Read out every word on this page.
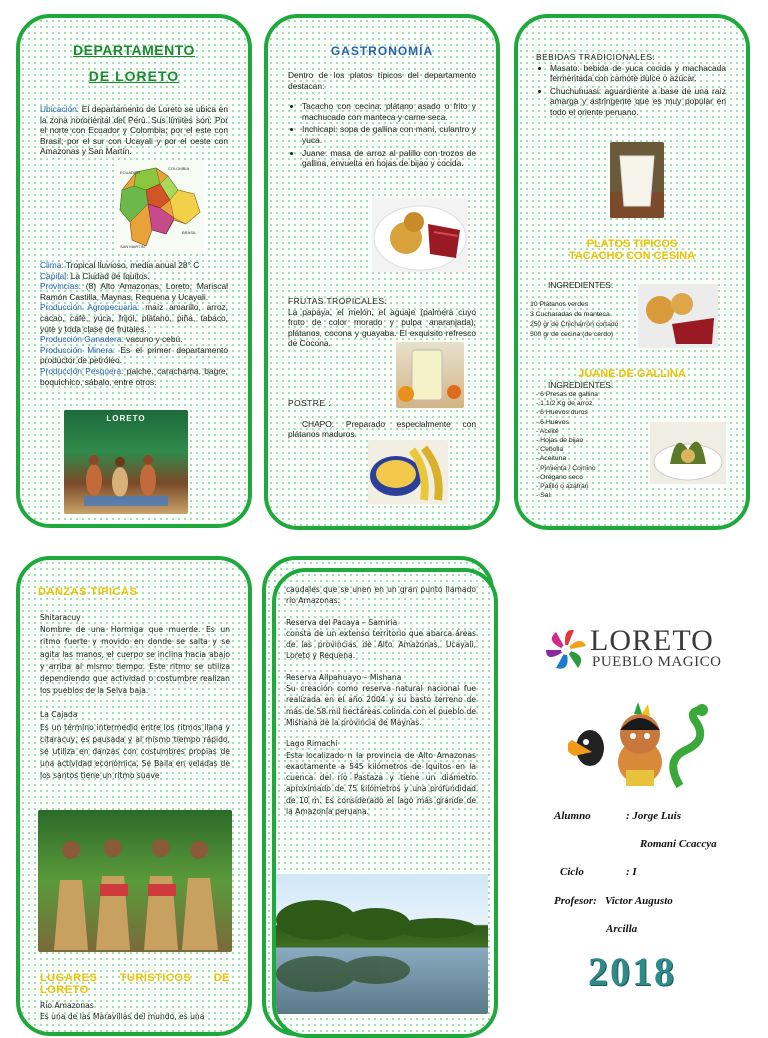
DEPARTAMENTO
DE LORETO
Ubicación: El departamento de Loreto se ubica en la zona nororiental del Perú. Sus límites son: Por el norte con Ecuador y Colombia; por el este con Brasil; por el sur con Ucayali y por el oeste con Amazonas y San Martín.
ECUADOR
COLOMBIA
BRASIL
SAN MARTIN
Clima: Tropical lluvioso, media anual 28° C
Capital: La Ciudad de Iquitos.
Provincias: (8) Alto Amazonas, Loreto, Mariscal Ramón Castilla, Maynas, Requena y Ucayali.
Producción Agropecuaria: maíz amarillo, arroz, cacao, café, yuca, frijol, plátano, piña, tabaco, yute y toda clase de frutales.
Producción Ganadera: vacuno y cebú.
Producción Minera: Es el primer departamento productor de petróleo.
Producción Pesquera: paiche, carachama, bagre, boquichico, sábalo, entre otros.
LORETO
GASTRONOMÍA
Dentro de los platos típicos del departamento destacan:
• Tacacho con cecina: plátano asado o frito y machucado con manteca y carne seca.
• Inchicapi: sopa de gallina con maní, culantro y yuca.
• Juane: masa de arroz al palillo con trozos de gallina, envuelta en hojas de bijao y cocida.
FRUTAS TROPICALES:
La papaya, el melón, el aguaje (palmera cuyo fruto de color morado y pulpa anaranjada), plátanos, cocona y guayaba. El exquisito refresco de Cocona.
POSTRE :
CHAPO: Preparado especialmente con plátanos maduros.
BEBIDAS TRADICIONALES:
• Masato: bebida de yuca cocida y machacada fermentada con camote dulce o azúcar.
• Chuchuhuasi: aguardiente a base de una raíz amarga y astringente que es muy popular en todo el oriente peruano.
PLATOS TIPICOS
TACACHO CON CESINA
INGREDIENTES:
10 Plátanos verdes
3 Cucharadas de manteca
250 gr de Chicharrón cortado
500 gr de cecina (de cerdo)
JUANE DE GALLINA
INGREDIENTES:
- 6 Presas de gallina
- 1 1/2 Kg de arroz
- 6 Huevos duros
- 6 Huevos
- Aceite
- Hojas de bijao
- Cebolla
- Aceituna
- Pimienta / Comino
- Orégano seco
- Palillo o azafrán
- Sal.
DANZAS TIPICAS
Shitaracuy
Nombre de una Hormiga que muerde. Es un ritmo fuerte y movido en donde se salta y se agita las manos, el cuerpo se inclina hacia abajo y arriba al mismo tiempo. Este ritmo se utiliza dependiendo que actividad o costumbre realizan los pueblos de la Selva baja.
La Cajada
Es un término intermedio entre los ritmos llana y citaracuy, es pausada y al mismo tiempo rápido, se utiliza en danzas con costumbres propias de una actividad económica. Se Baila en veladas de los santos tiene un ritmo suave
LUGARES TURÍSTICOS DE LORETO
Río Amazonas
Es una de las Maravillas del mundo, es una
caudales que se unen en un gran punto llamado río Amazonas.
Reserva del Pacaya – Samiria
consta de un extenso territorio que abarca áreas de las provincias de Alto Amazonas, Ucayali, Loreto y Requena.
Reserva Allpahuayo – Mishana
Su creación como reserva natural nacional fue realizada en el año 2004 y su basto terreno de más de 58 mil hectáreas colinda con el pueblo de Mishana de la provincia de Maynas.
Lago Rimachi
Esta localizado n la provincia de Alto Amazonas exactamente a 545 kilómetros de Iquitos en la cuenca del río Pastaza y tiene un diámetro aproximado de 75 kilómetros y una profundidad de 10 m. Es considerado el lago más grande de la Amazonía peruana.
LORETO
PUEBLO MAGICO
Alumno	: Jorge Luis
Romani Ccaccya
Ciclo	: I
Profesor: Victor Augusto
Arcilla
2018
